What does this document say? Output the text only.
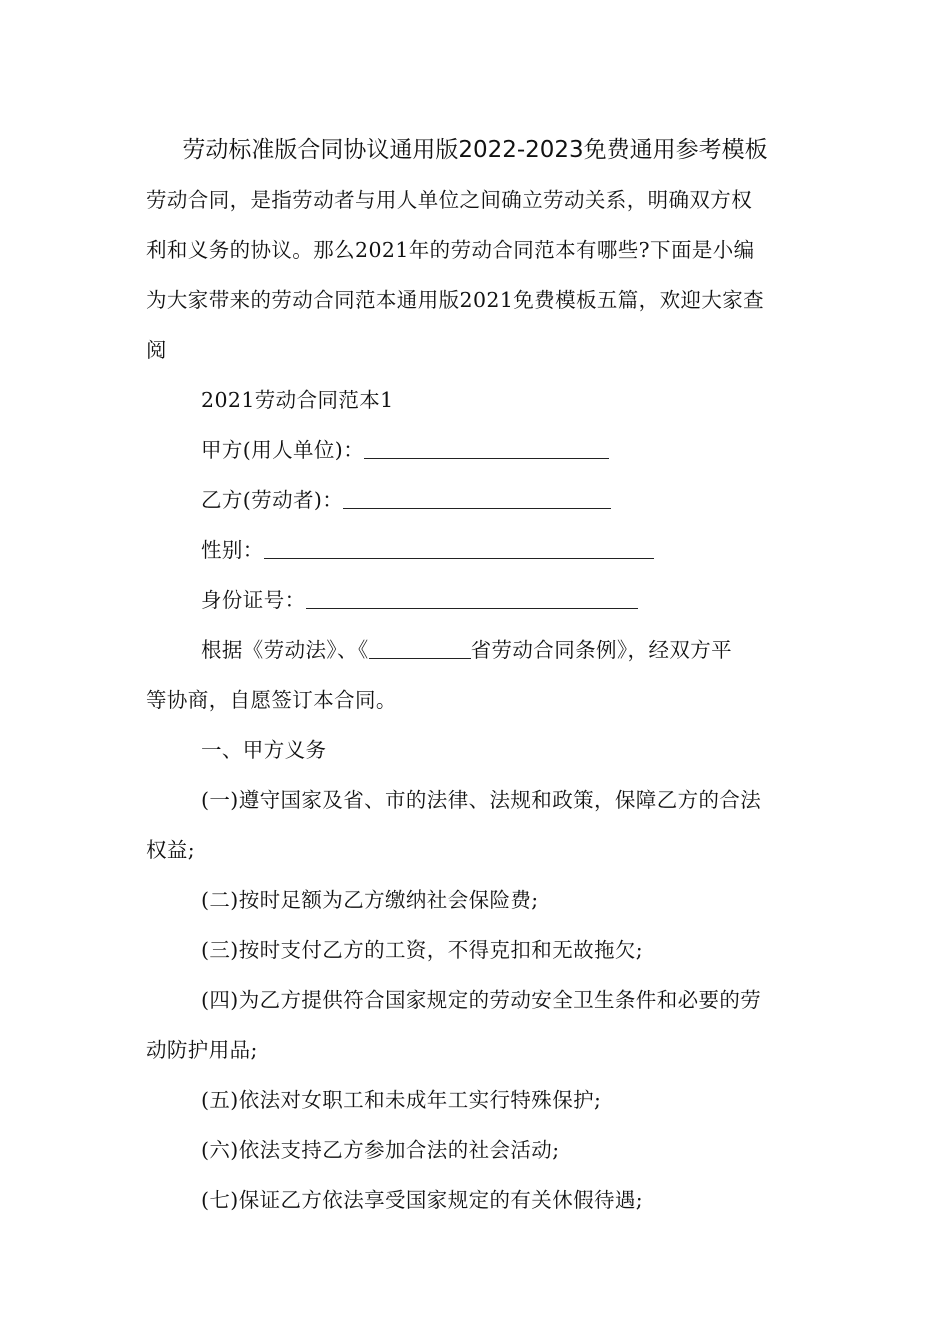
劳动标准版合同协议通用版2022-2023免费通用参考模板
劳动合同，是指劳动者与用人单位之间确立劳动关系，明确双方权
利和义务的协议。那么2021年的劳动合同范本有哪些?下面是小编
为大家带来的劳动合同范本通用版2021免费模板五篇，欢迎大家查
阅
2021劳动合同范本1
甲方(用人单位)：
乙方(劳动者)：
性别：
身份证号：
根据《劳动法》、《	省劳动合同条例》，经双方平
等协商，自愿签订本合同。
一、甲方义务
(一)遵守国家及省、市的法律、法规和政策，保障乙方的合法
权益;
(二)按时足额为乙方缴纳社会保险费;
(三)按时支付乙方的工资，不得克扣和无故拖欠;
(四)为乙方提供符合国家规定的劳动安全卫生条件和必要的劳
动防护用品;
(五)依法对女职工和未成年工实行特殊保护;
(六)依法支持乙方参加合法的社会活动;
(七)保证乙方依法享受国家规定的有关休假待遇;
